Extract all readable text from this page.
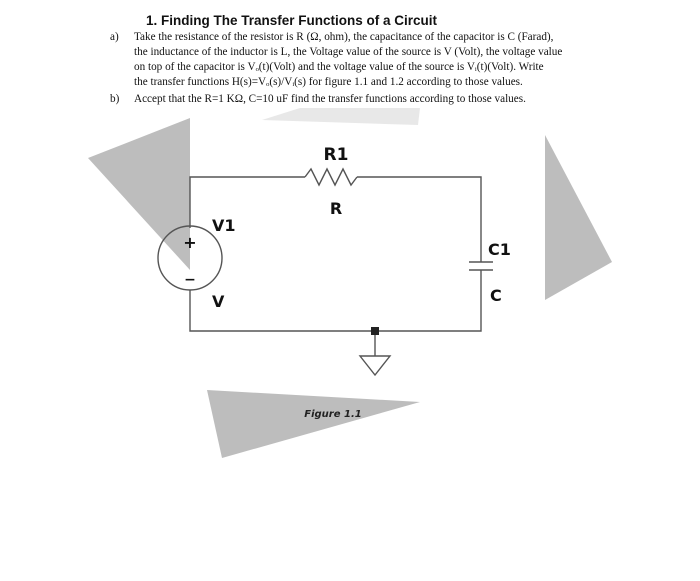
+
−
R1
R
V1
V
C1
C
Figure 1.1
1. Finding The Transfer Functions of a Circuit
a) Take the resistance of the resistor is R (Ω, ohm), the capacitance of the capacitor is C (Farad),
the inductance of the inductor is L, the Voltage value of the source is V (Volt), the voltage value
on top of the capacitor is Vₒ(t)(Volt) and the voltage value of the source is Vᵢ(t)(Volt). Write
the transfer functions H(s)=Vₒ(s)/Vᵢ(s) for figure 1.1 and 1.2 according to those values.
b) Accept that the R=1 KΩ, C=10 uF find the transfer functions according to those values.
